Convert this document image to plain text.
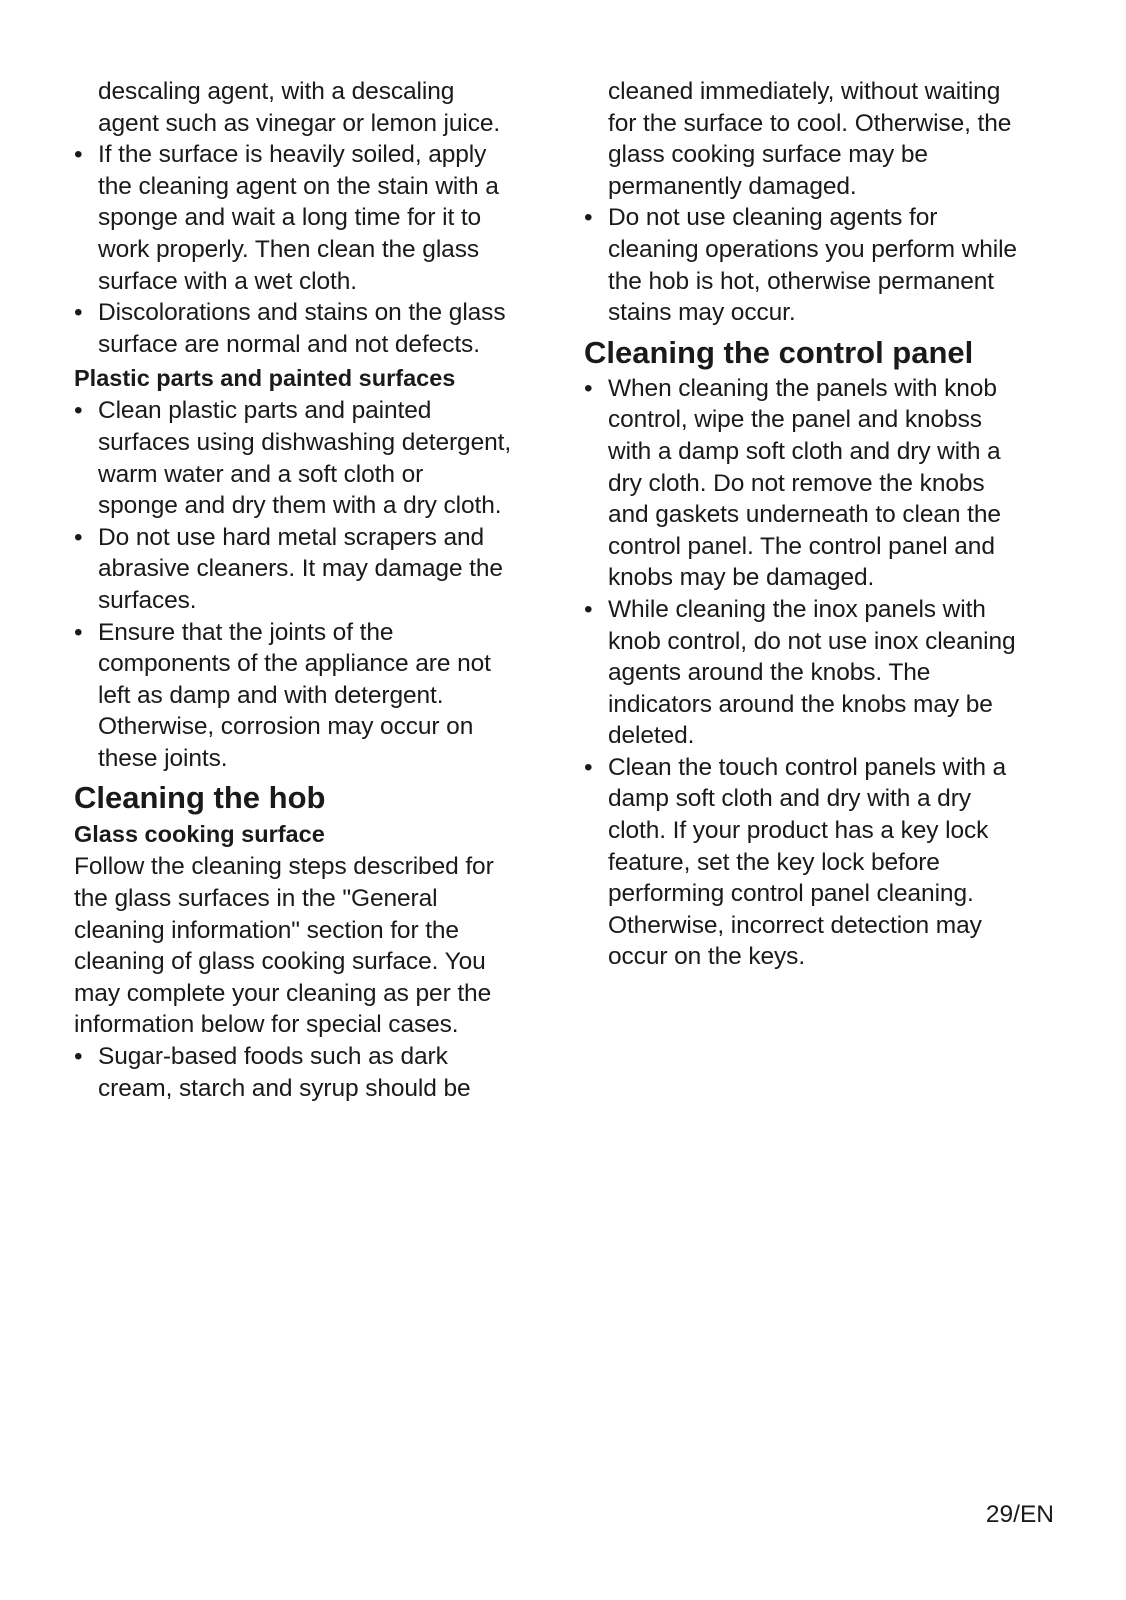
descaling agent, with a descaling
agent such as vinegar or lemon juice.

• If the surface is heavily soiled, apply
the cleaning agent on the stain with a
sponge and wait a long time for it to
work properly. Then clean the glass
surface with a wet cloth.
• Discolorations and stains on the glass
surface are normal and not defects.
Plastic parts and painted surfaces
• Clean plastic parts and painted
surfaces using dishwashing detergent,
warm water and a soft cloth or
sponge and dry them with a dry cloth.
• Do not use hard metal scrapers and
abrasive cleaners. It may damage the
surfaces.
• Ensure that the joints of the
components of the appliance are not
left as damp and with detergent.
Otherwise, corrosion may occur on
these joints.
Cleaning the hob
Glass cooking surface

Follow the cleaning steps described for
the glass surfaces in the "General
cleaning information" section for the
cleaning of glass cooking surface. You
may complete your cleaning as per the
information below for special cases.

• Sugar-based foods such as dark
cream, starch and syrup should be

cleaned immediately, without waiting
for the surface to cool. Otherwise, the
glass cooking surface may be
permanently damaged.

• Do not use cleaning agents for
cleaning operations you perform while
the hob is hot, otherwise permanent
stains may occur.
Cleaning the control panel
• When cleaning the panels with knob
control, wipe the panel and knobss
with a damp soft cloth and dry with a
dry cloth. Do not remove the knobs
and gaskets underneath to clean the
control panel. The control panel and
knobs may be damaged.
• While cleaning the inox panels with
knob control, do not use inox cleaning
agents around the knobs. The
indicators around the knobs may be
deleted.
• Clean the touch control panels with a
damp soft cloth and dry with a dry
cloth. If your product has a key lock
feature, set the key lock before
performing control panel cleaning.
Otherwise, incorrect detection may
occur on the keys.

29/EN
